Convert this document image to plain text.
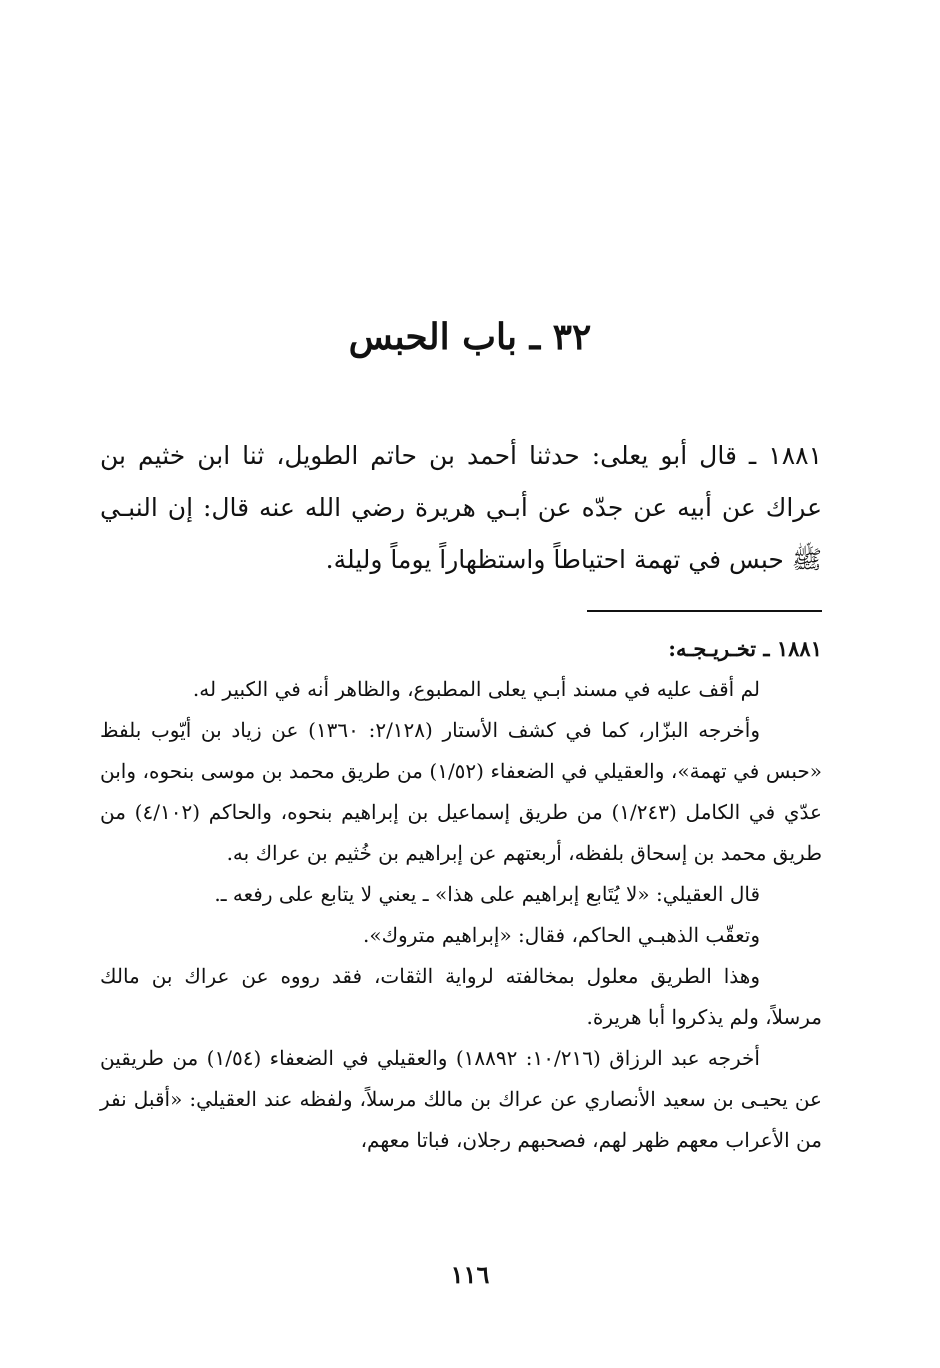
٣٢ ـ باب الحبس

١٨٨١ ـ قال أبو يعلى: حدثنا أحمد بن حاتم الطويل، ثنا ابن خثيم بن عراك عن أبيه عن جدّه عن أبـي هريرة رضي الله عنه قال: إن النبـي ﷺ حبس في تهمة احتياطاً واستظهاراً يوماً وليلة.

١٨٨١ ـ تخـريـجـه:

لم أقف عليه في مسند أبـي يعلى المطبوع، والظاهر أنه في الكبير له.

وأخرجه البزّار، كما في كشف الأستار (٢/١٢٨: ١٣٦٠) عن زياد بن أيّوب بلفظ «حبس في تهمة»، والعقيلي في الضعفاء (١/٥٢) من طريق محمد بن موسى بنحوه، وابن عدّي في الكامل (١/٢٤٣) من طريق إسماعيل بن إبراهيم بنحوه، والحاكم (٤/١٠٢) من طريق محمد بن إسحاق بلفظه، أربعتهم عن إبراهيم بن خُثيم بن عراك به.

قال العقيلي: «لا يُتَابع إبراهيم على هذا» ـ يعني لا يتابع على رفعه ـ.

وتعقّب الذهبـي الحاكم، فقال: «إبراهيم متروك».

وهذا الطريق معلول بمخالفته لرواية الثقات، فقد رووه عن عراك بن مالك مرسلاً، ولم يذكروا أبا هريرة.

أخرجه عبد الرزاق (١٠/٢١٦: ١٨٨٩٢) والعقيلي في الضعفاء (١/٥٤) من طريقين عن يحيـى بن سعيد الأنصاري عن عراك بن مالك مرسلاً، ولفظه عند العقيلي: «أقبل نفر من الأعراب معهم ظهر لهم، فصحبهم رجلان، فباتا معهم،

١١٦
